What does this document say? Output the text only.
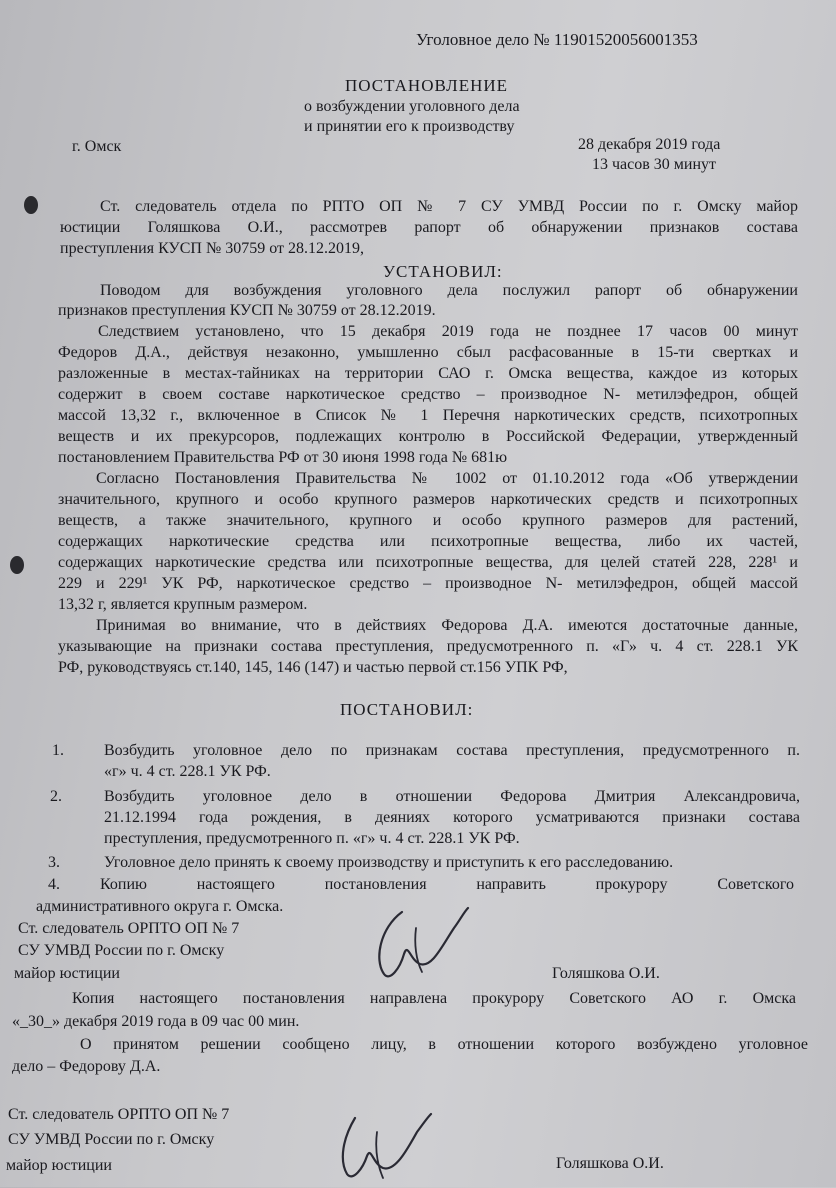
Уголовное дело № 11901520056001353
ПОСТАНОВЛЕНИЕ
о возбуждении уголовного дела
и принятии его к производству
г. Омск	28 декабря 2019 года
13 часов 30 минут
Ст. следователь отдела по РПТО ОП № 7 СУ УМВД России по г. Омску майор
юстиции Голяшкова О.И., рассмотрев рапорт об обнаружении признаков состава
преступления КУСП № 30759 от 28.12.2019,
УСТАНОВИЛ:
Поводом для возбуждения уголовного дела послужил рапорт об обнаружении
признаков преступления КУСП № 30759 от 28.12.2019.
Следствием установлено, что 15 декабря 2019 года не позднее 17 часов 00 минут
Федоров Д.А., действуя незаконно, умышленно сбыл расфасованные в 15-ти свертках и
разложенные в местах-тайниках на территории САО г. Омска вещества, каждое из которых
содержит в своем составе наркотическое средство – производное N- метилэфедрон, общей
массой 13,32 г., включенное в Список № 1 Перечня наркотических средств, психотропных
веществ и их прекурсоров, подлежащих контролю в Российской Федерации, утвержденный
постановлением Правительства РФ от 30 июня 1998 года № 681ю
Согласно Постановления Правительства № 1002 от 01.10.2012 года «Об утверждении
значительного, крупного и особо крупного размеров наркотических средств и психотропных
веществ, а также значительного, крупного и особо крупного размеров для растений,
содержащих наркотические средства или психотропные вещества, либо их частей,
содержащих наркотические средства или психотропные вещества, для целей статей 228, 228¹ и
229 и 229¹ УК РФ, наркотическое средство – производное N- метилэфедрон, общей массой
13,32 г, является крупным размером.
Принимая во внимание, что в действиях Федорова Д.А. имеются достаточные данные,
указывающие на признаки состава преступления, предусмотренного п. «Г» ч. 4 ст. 228.1 УК
РФ, руководствуясь ст.140, 145, 146 (147) и частью первой ст.156 УПК РФ,
ПОСТАНОВИЛ:
1.	Возбудить уголовное дело по признакам состава преступления, предусмотренного п.
«г» ч. 4 ст. 228.1 УК РФ.
2.	Возбудить уголовное дело в отношении Федорова Дмитрия Александровича,
21.12.1994 года рождения, в деяниях которого усматриваются признаки состава
преступления, предусмотренного п. «г» ч. 4 ст. 228.1 УК РФ.
3.	Уголовное дело принять к своему производству и приступить к его расследованию.
4.	Копию настоящего постановления направить прокурору Советского
административного округа г. Омска.
Ст. следователь ОРПТО ОП № 7
СУ УМВД России по г. Омску
майор юстиции	Голяшкова О.И.
Копия настоящего постановления направлена прокурору Советского АО г. Омска
«_30_» декабря 2019 года в 09 час 00 мин.
О принятом решении сообщено лицу, в отношении которого возбуждено уголовное
дело – Федорову Д.А.
Ст. следователь ОРПТО ОП № 7
СУ УМВД России по г. Омску
майор юстиции	Голяшкова О.И.
